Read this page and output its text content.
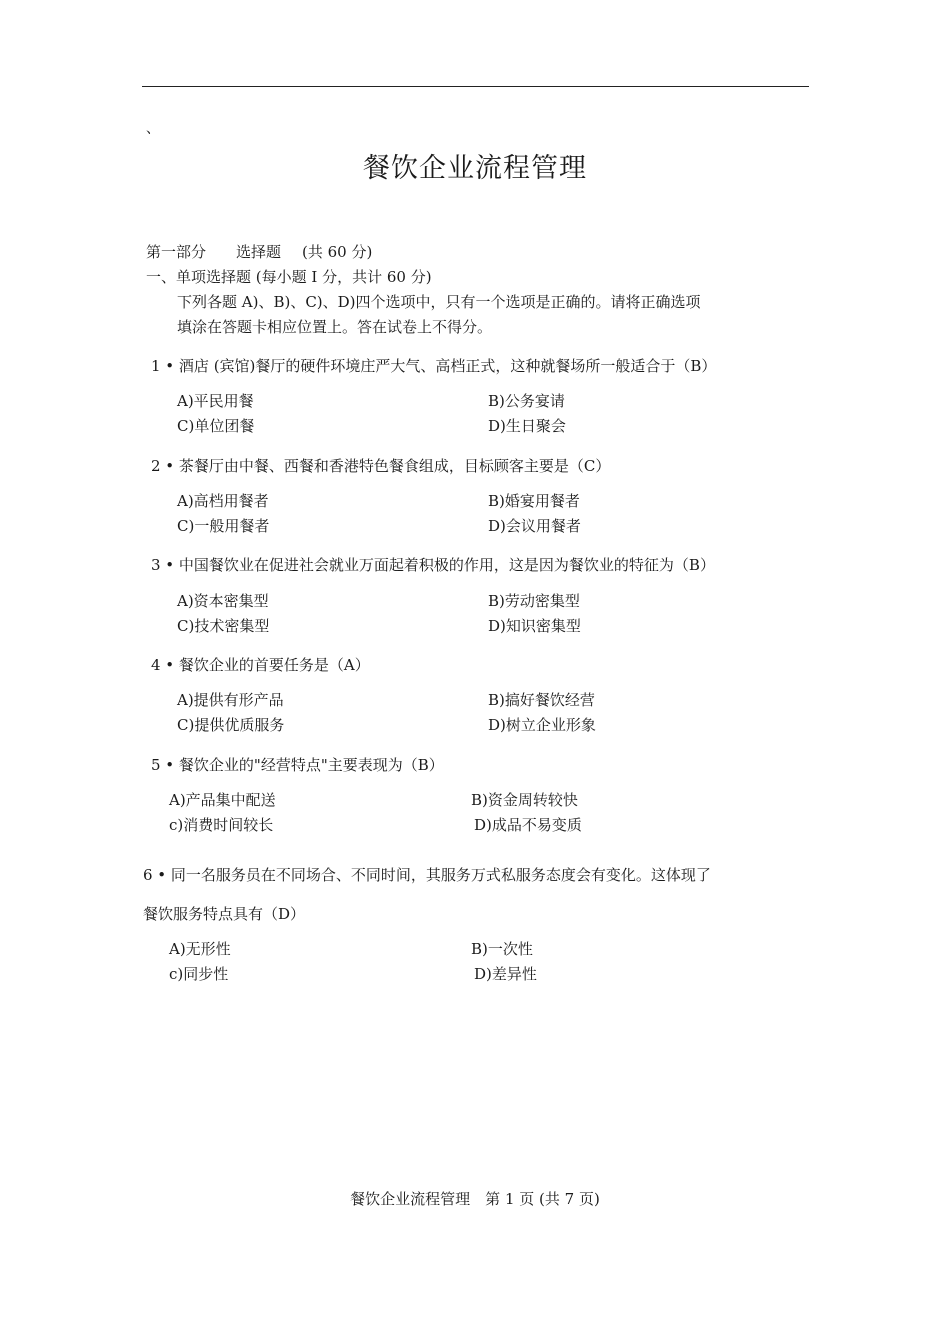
、
餐饮企业流程管理
第一部分 选择题 (共 60 分)
一、单项选择题 (每小题 I 分，共计 60 分)
下列各题 A)、B)、C)、D)四个选项中，只有一个选项是正确的。请将正确选项
填涂在答题卡相应位置上。答在试卷上不得分。
1 • 酒店 (宾馆)餐厅的硬件环境庄严大气、高档正式，这种就餐场所一般适合于（B）
A)平民用餐	B)公务宴请
C)单位团餐	D)生日聚会
2 • 茶餐厅由中餐、西餐和香港特色餐食组成，目标顾客主要是（C）
A)高档用餐者	B)婚宴用餐者
C)一般用餐者	D)会议用餐者
3 • 中国餐饮业在促进社会就业万面起着积极的作用，这是因为餐饮业的特征为（B）
A)资本密集型	B)劳动密集型
C)技术密集型	D)知识密集型
4 • 餐饮企业的首要任务是（A）
A)提供有形产品	B)搞好餐饮经营
C)提供优质服务	D)树立企业形象
5 • 餐饮企业的"经营特点"主要表现为（B）
A)产品集中配送	B)资金周转较快
c)消费时间较长	D)成品不易变质
6 • 同一名服务员在不同场合、不同时间，其服务万式私服务态度会有变化。这体现了
餐饮服务特点具有（D）
A)无形性	B)一次性
c)同步性	D)差异性
餐饮企业流程管理　第 1 页 (共 7 页)
